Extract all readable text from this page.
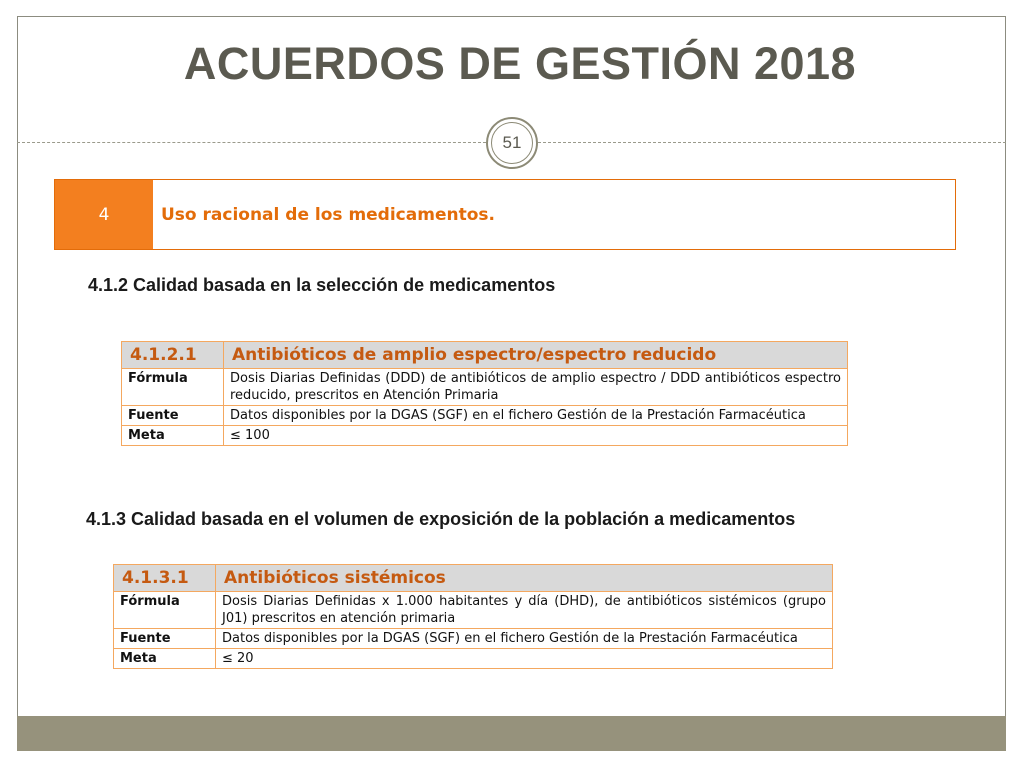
ACUERDOS DE GESTIÓN 2018
51
4	Uso racional de los medicamentos.
4.1.2 Calidad basada en la selección de medicamentos
4.1.2.1	Antibióticos de amplio espectro/espectro reducido
Fórmula	Dosis Diarias Definidas (DDD) de antibióticos de amplio espectro / DDD antibióticos espectro reducido, prescritos en Atención Primaria
Fuente	Datos disponibles por la DGAS (SGF) en el fichero Gestión de la Prestación Farmacéutica
Meta	≤ 100
4.1.3 Calidad basada en el volumen de exposición de la población a medicamentos
4.1.3.1	Antibióticos sistémicos
Fórmula	Dosis Diarias Definidas x 1.000 habitantes y día (DHD), de antibióticos sistémicos (grupo J01) prescritos en atención primaria
Fuente	Datos disponibles por la DGAS (SGF) en el fichero Gestión de la Prestación Farmacéutica
Meta	≤ 20
